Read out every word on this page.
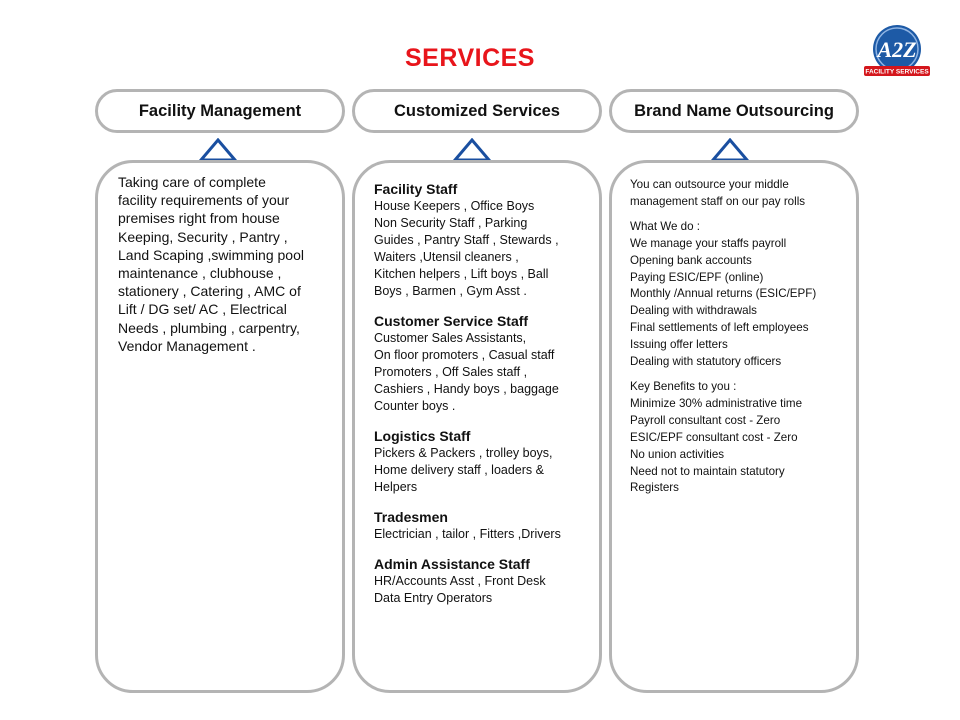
SERVICES	A2Z
FACILITY SERVICES
Facility Management	Customized Services	Brand Name Outsourcing
Taking care of complete
facility requirements of your
premises right from house
Keeping, Security , Pantry ,
Land Scaping ,swimming pool
maintenance , clubhouse ,
stationery , Catering , AMC of
Lift / DG set/ AC , Electrical
Needs , plumbing , carpentry,
Vendor Management .
Facility Staff
House Keepers , Office Boys
Non Security Staff , Parking
Guides , Pantry Staff , Stewards ,
Waiters ,Utensil cleaners ,
Kitchen helpers , Lift boys , Ball
Boys , Barmen , Gym Asst .
Customer Service Staff
Customer Sales Assistants,
On floor promoters , Casual staff
Promoters , Off Sales staff ,
Cashiers , Handy boys , baggage
Counter boys .
Logistics Staff
Pickers & Packers , trolley boys,
Home delivery staff , loaders &
Helpers
Tradesmen
Electrician , tailor , Fitters ,Drivers
Admin Assistance Staff
HR/Accounts Asst , Front Desk
Data Entry Operators
You can outsource your middle
management staff on our pay rolls
What We do :
We manage your staffs payroll
Opening bank accounts
Paying ESIC/EPF (online)
Monthly /Annual returns (ESIC/EPF)
Dealing with withdrawals
Final settlements of left employees
Issuing offer letters
Dealing with statutory officers
Key Benefits to you :
Minimize 30% administrative time
Payroll consultant cost - Zero
ESIC/EPF consultant cost - Zero
No union activities
Need not to maintain statutory
Registers
